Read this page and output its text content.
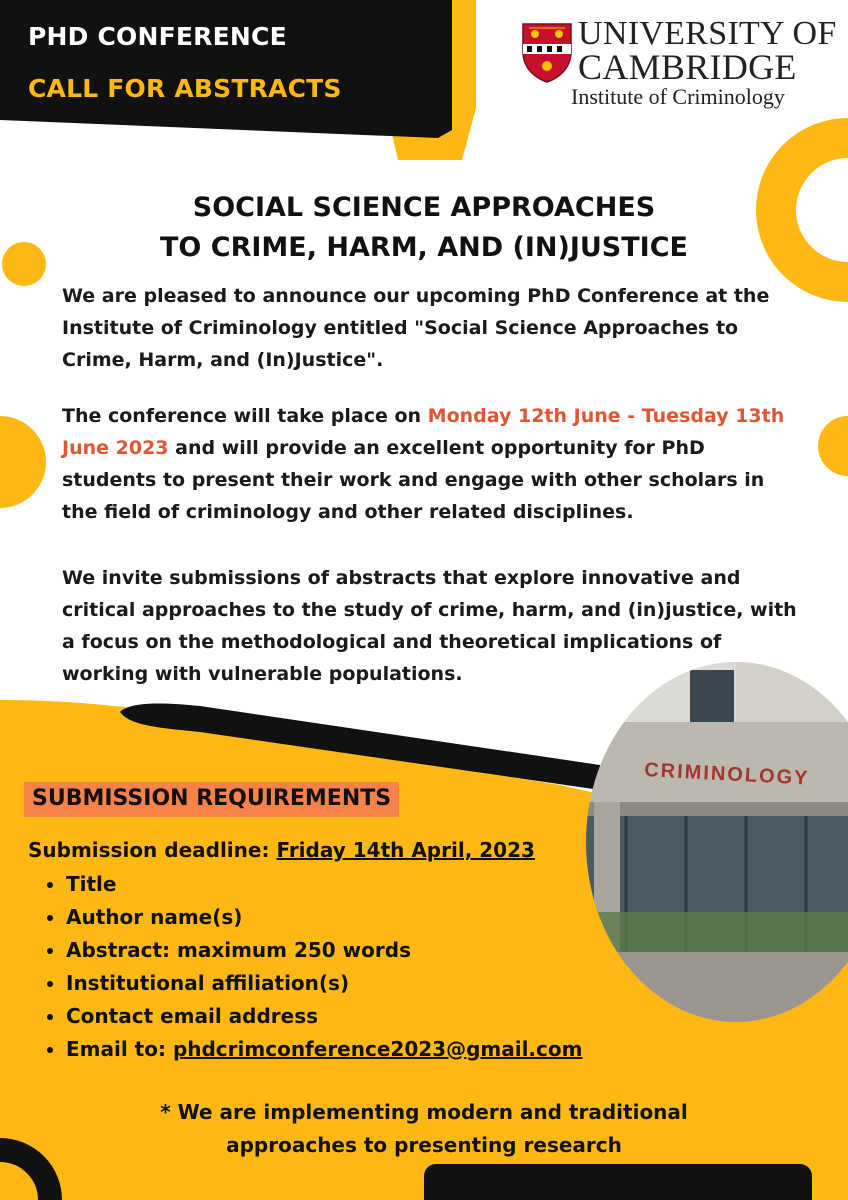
PHD CONFERENCE
CALL FOR ABSTRACTS
UNIVERSITY OF
CAMBRIDGE
Institute of Criminology
SOCIAL SCIENCE APPROACHES
TO CRIME, HARM, AND (IN)JUSTICE

We are pleased to announce our upcoming PhD Conference at the Institute of Criminology entitled "Social Science Approaches to Crime, Harm, and (In)Justice".

The conference will take place on Monday 12th June - Tuesday 13th June 2023 and will provide an excellent opportunity for PhD students to present their work and engage with other scholars in the field of criminology and other related disciplines.

We invite submissions of abstracts that explore innovative and critical approaches to the study of crime, harm, and (in)justice, with a focus on the methodological and theoretical implications of working with vulnerable populations.

CRIMINOLOGY
SUBMISSION REQUIREMENTS
Submission deadline: Friday 14th April, 2023
• Title
• Author name(s)
• Abstract: maximum 250 words
• Institutional affiliation(s)
• Contact email address
• Email to: phdcrimconference2023@gmail.com
* We are implementing modern and traditional
approaches to presenting research
